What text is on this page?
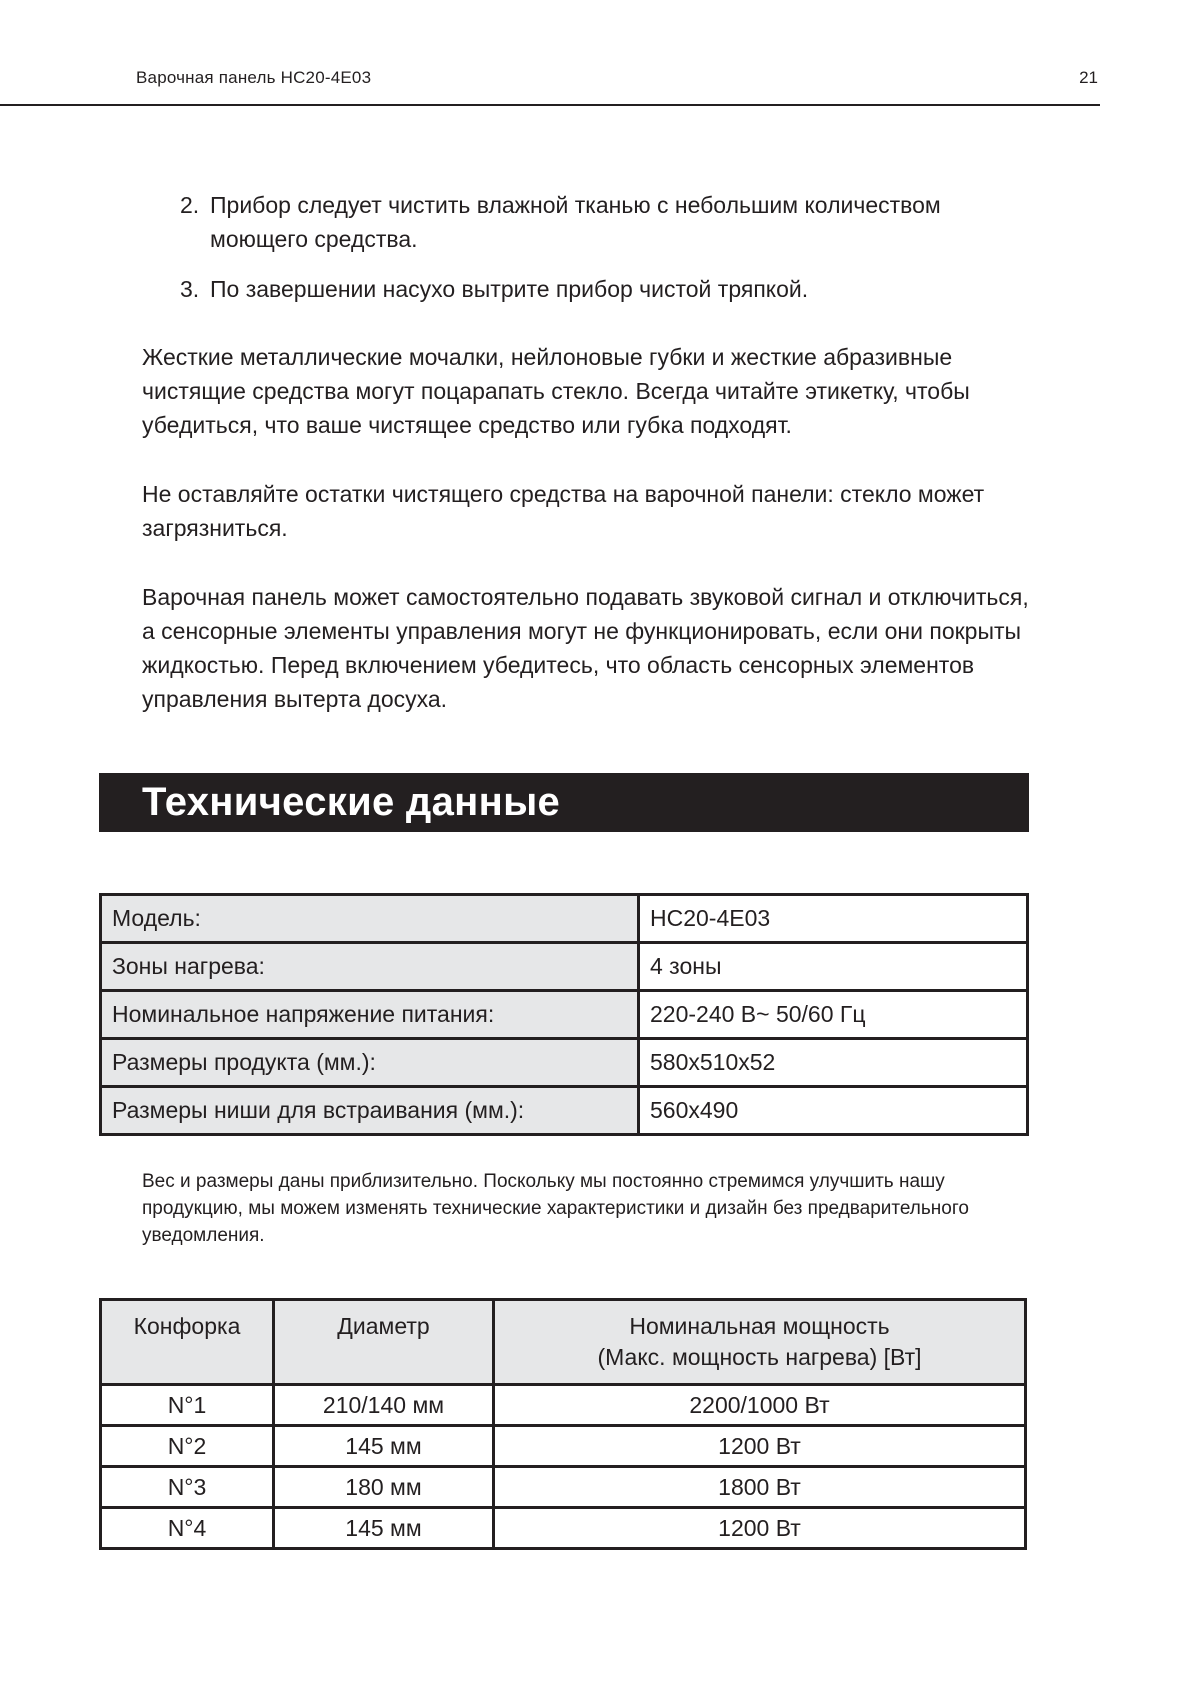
Варочная панель HC20-4E03	21
2. Прибор следует чистить влажной тканью с небольшим количеством моющего средства.
3. По завершении насухо вытрите прибор чистой тряпкой.
Жесткие металлические мочалки, нейлоновые губки и жесткие абразивные чистящие средства могут поцарапать стекло. Всегда читайте этикетку, чтобы убедиться, что ваше чистящее средство или губка подходят.
Не оставляйте остатки чистящего средства на варочной панели: стекло может загрязниться.
Варочная панель может самостоятельно подавать звуковой сигнал и отключиться, а сенсорные элементы управления могут не функционировать, если они покрыты жидкостью. Перед включением убедитесь, что область сенсорных элементов управления вытерта досуха.
Технические данные
Модель:	HC20-4E03
Зоны нагрева:	4 зоны
Номинальное напряжение питания:	220-240 В~ 50/60 Гц
Размеры продукта (мм.):	580x510x52
Размеры ниши для встраивания (мм.):	560x490
Вес и размеры даны приблизительно. Поскольку мы постоянно стремимся улучшить нашу продукцию, мы можем изменять технические характеристики и дизайн без предварительного уведомления.
Конфорка	Диаметр	Номинальная мощность
(Макс. мощность нагрева) [Вт]

N°1	210/140 мм	2200/1000 Вт
N°2	145 мм	1200 Вт
N°3	180 мм	1800 Вт
N°4	145 мм	1200 Вт
